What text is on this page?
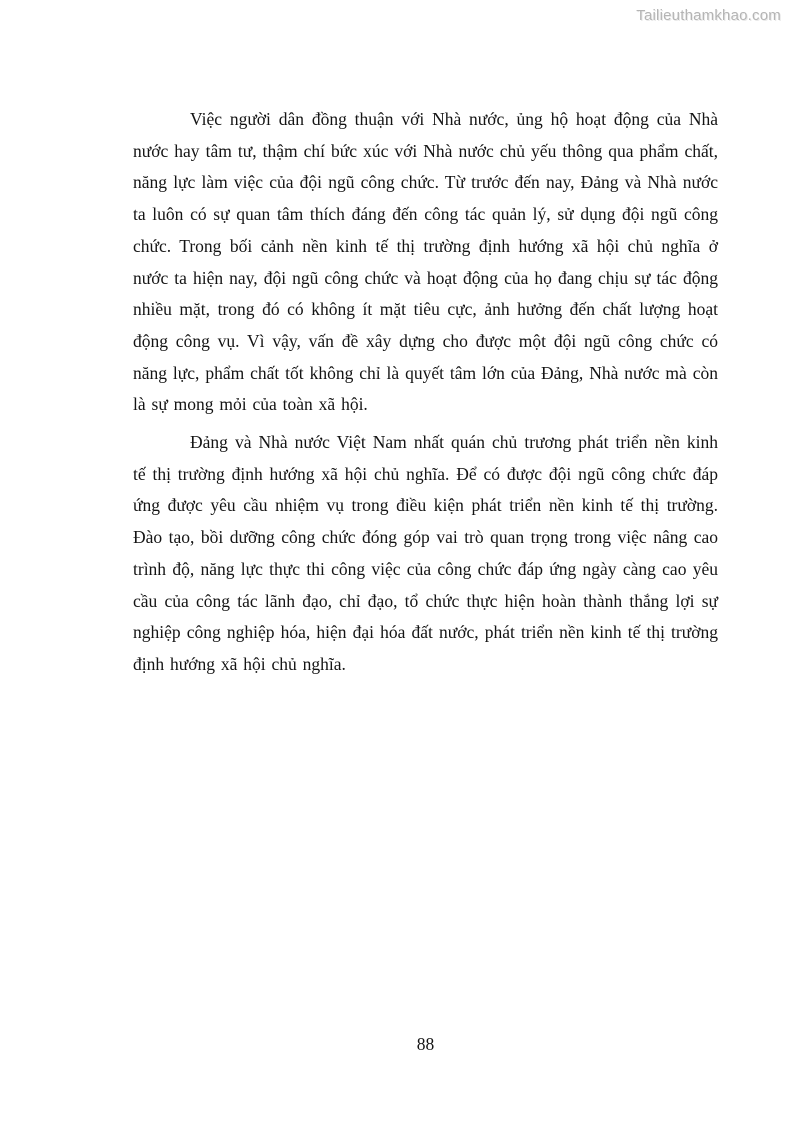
Tailieuthamkhao.com

Việc người dân đồng thuận với Nhà nước, ủng hộ hoạt động của Nhà nước hay tâm tư, thậm chí bức xúc với Nhà nước chủ yếu thông qua phẩm chất, năng lực làm việc của đội ngũ công chức. Từ trước đến nay, Đảng và Nhà nước ta luôn có sự quan tâm thích đáng đến công tác quản lý, sử dụng đội ngũ công chức. Trong bối cảnh nền kinh tế thị trường định hướng xã hội chủ nghĩa ở nước ta hiện nay, đội ngũ công chức và hoạt động của họ đang chịu sự tác động nhiều mặt, trong đó có không ít mặt tiêu cực, ảnh hưởng đến chất lượng hoạt động công vụ. Vì vậy, vấn đề xây dựng cho được một đội ngũ công chức có năng lực, phẩm chất tốt không chỉ là quyết tâm lớn của Đảng, Nhà nước mà còn là sự mong mỏi của toàn xã hội.

Đảng và Nhà nước Việt Nam nhất quán chủ trương phát triển nền kinh tế thị trường định hướng xã hội chủ nghĩa. Để có được đội ngũ công chức đáp ứng được yêu cầu nhiệm vụ trong điều kiện phát triển nền kinh tế thị trường. Đào tạo, bồi dưỡng công chức đóng góp vai trò quan trọng trong việc nâng cao trình độ, năng lực thực thi công việc của công chức đáp ứng ngày càng cao yêu cầu của công tác lãnh đạo, chỉ đạo, tổ chức thực hiện hoàn thành thắng lợi sự nghiệp công nghiệp hóa, hiện đại hóa đất nước, phát triển nền kinh tế thị trường định hướng xã hội chủ nghĩa.

88
